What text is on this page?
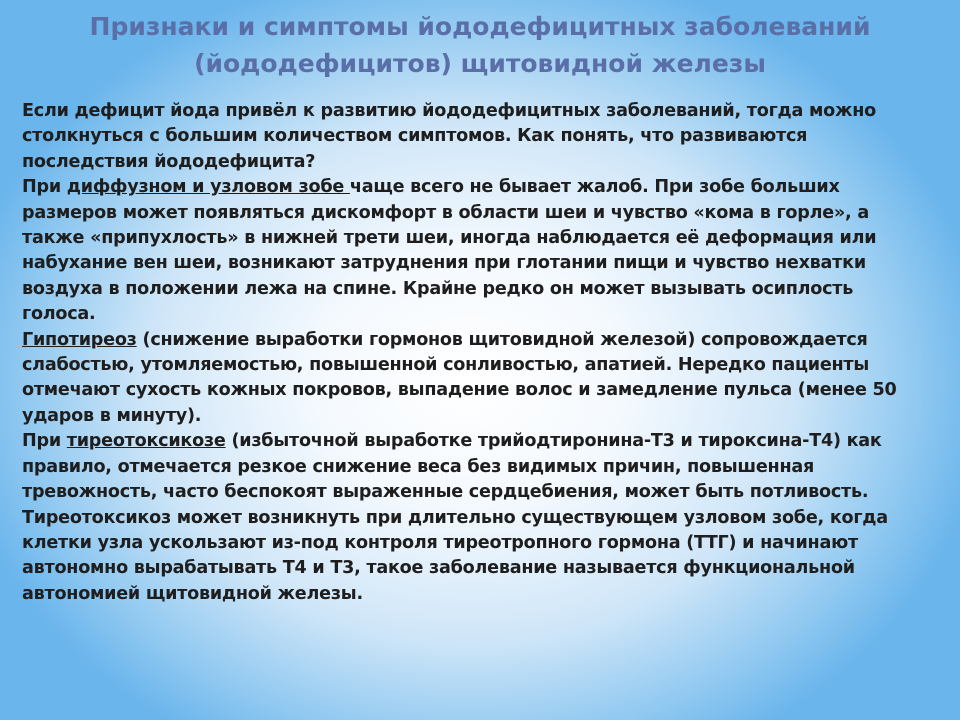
Признаки и симптомы йододефицитных заболеваний
(йододефицитов) щитовидной железы
Если дефицит йода привёл к развитию йододефицитных заболеваний, тогда можно
столкнуться с большим количеством симптомов. Как понять, что развиваются
последствия йододефицита?
При диффузном и узловом зобе чаще всего не бывает жалоб. При зобе больших
размеров может появляться дискомфорт в области шеи и чувство «кома в горле», а
также «припухлость» в нижней трети шеи, иногда наблюдается её деформация или
набухание вен шеи, возникают затруднения при глотании пищи и чувство нехватки
воздуха в положении лежа на спине. Крайне редко он может вызывать осиплость
голоса.
Гипотиреоз (снижение выработки гормонов щитовидной железой) сопровождается
слабостью, утомляемостью, повышенной сонливостью, апатией. Нередко пациенты
отмечают сухость кожных покровов, выпадение волос и замедление пульса (менее 50
ударов в минуту).
При тиреотоксикозе (избыточной выработке трийодтиронина-Т3 и тироксина-Т4) как
правило, отмечается резкое снижение веса без видимых причин, повышенная
тревожность, часто беспокоят выраженные сердцебиения, может быть потливость.
Тиреотоксикоз может возникнуть при длительно существующем узловом зобе, когда
клетки узла ускользают из-под контроля тиреотропного гормона (ТТГ) и начинают
автономно вырабатывать Т4 и Т3, такое заболевание называется функциональной
автономией щитовидной железы.
